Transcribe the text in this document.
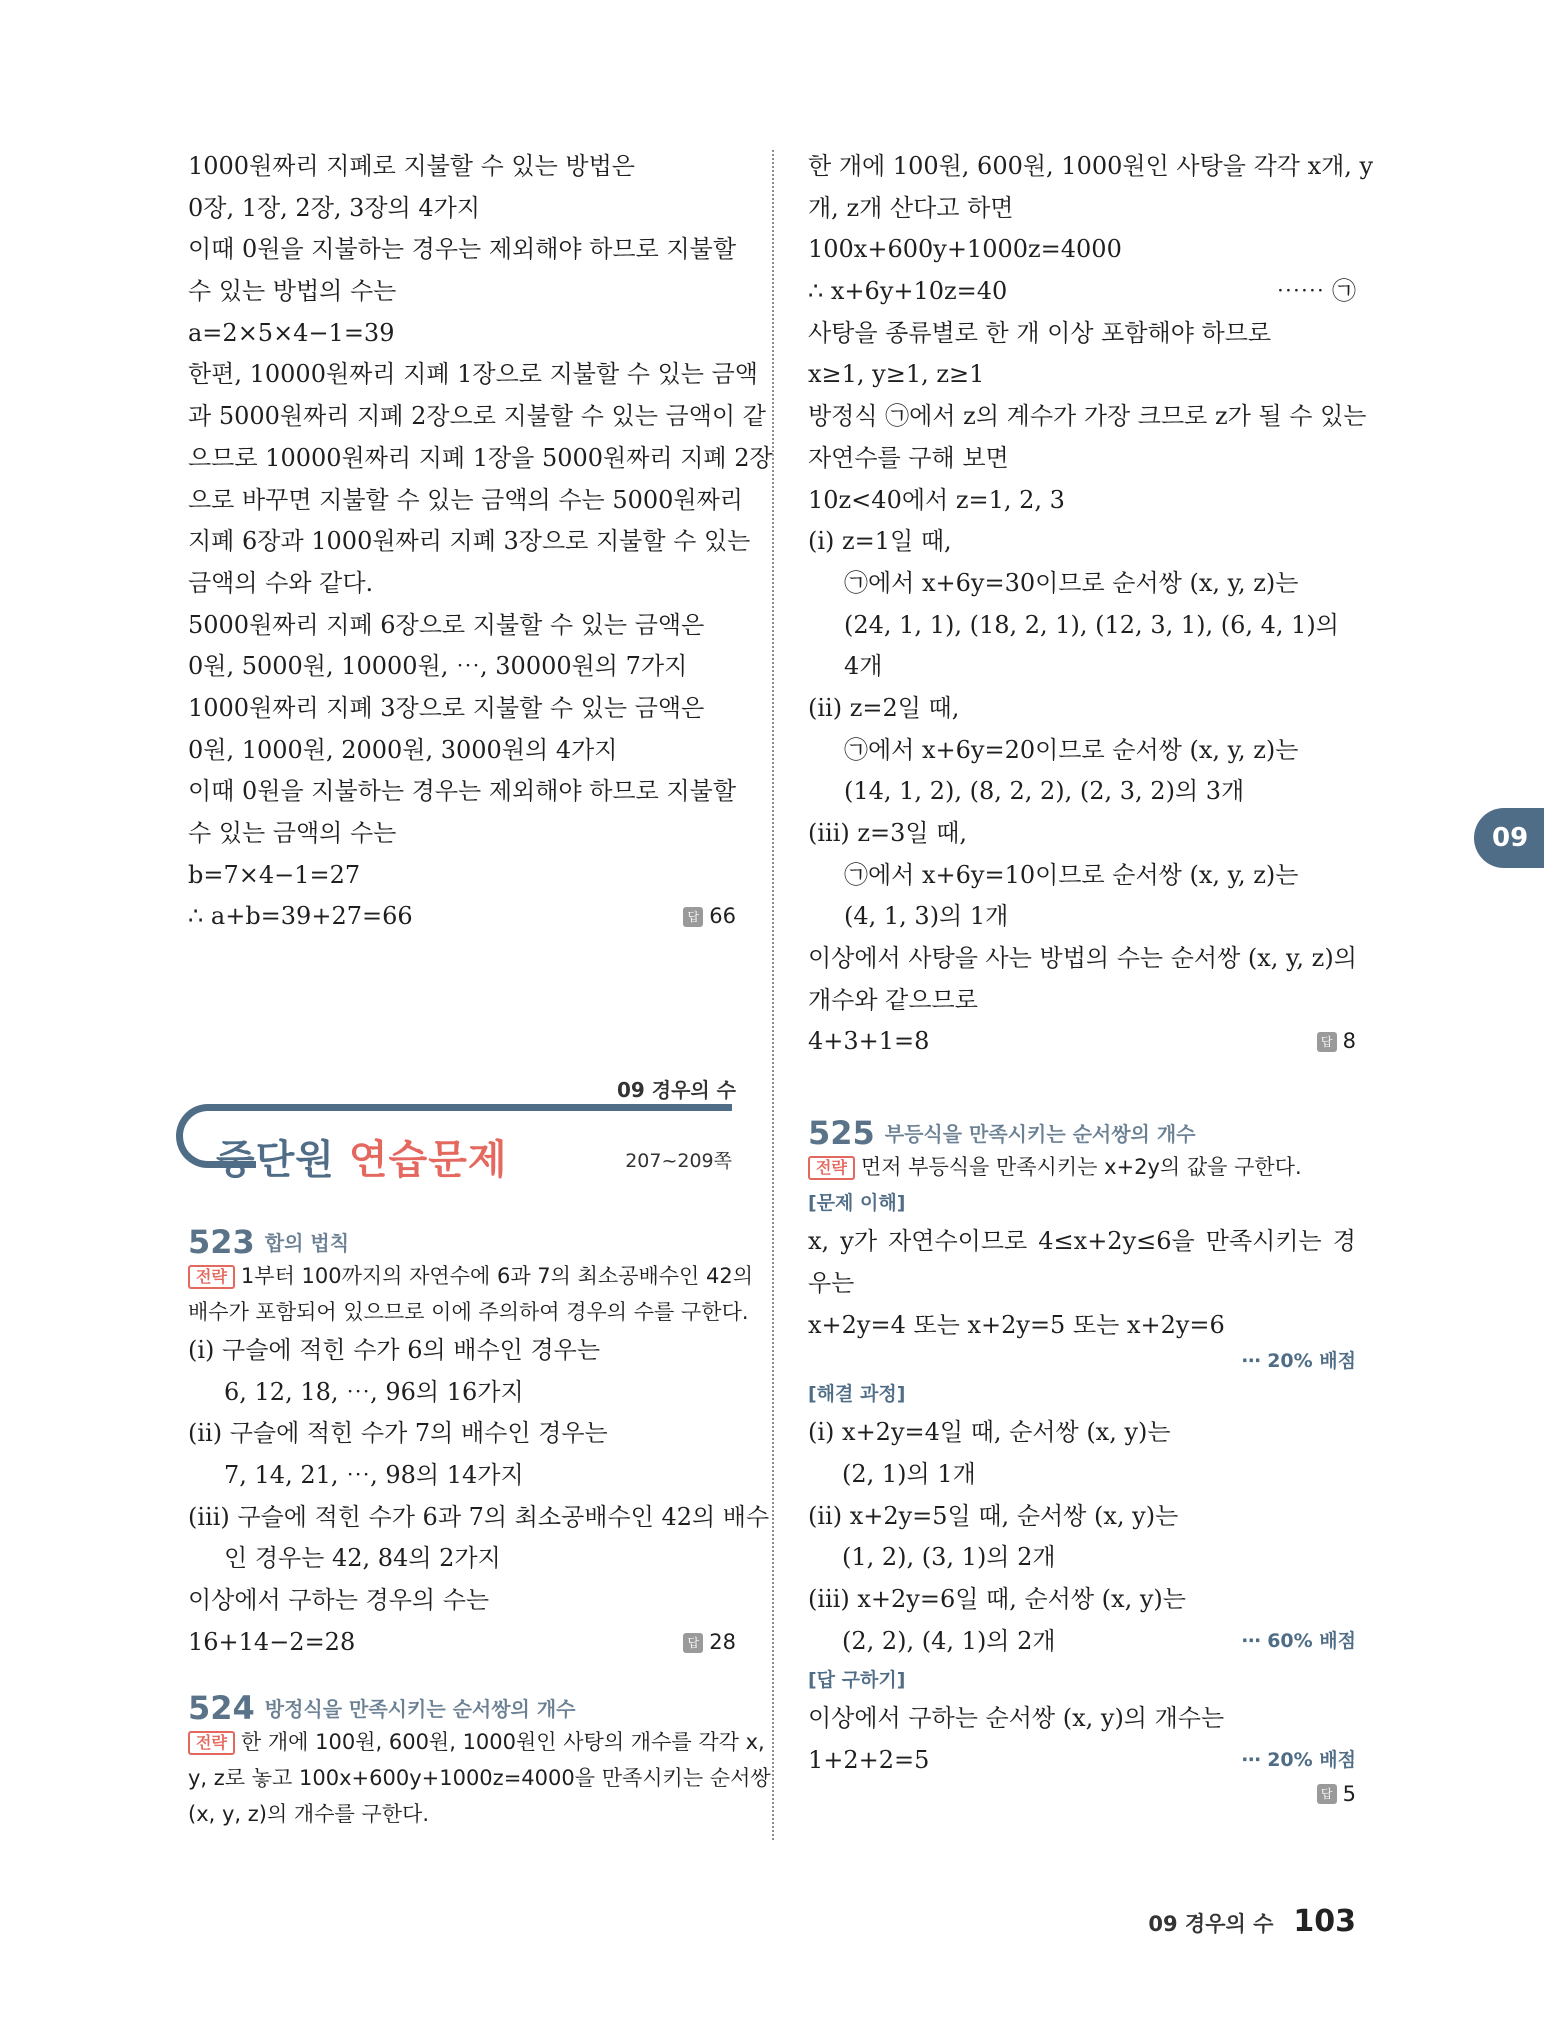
1000원짜리 지폐로 지불할 수 있는 방법은
0장, 1장, 2장, 3장의 4가지
이때 0원을 지불하는 경우는 제외해야 하므로 지불할
수 있는 방법의 수는
a=2×5×4−1=39
한편, 10000원짜리 지폐 1장으로 지불할 수 있는 금액
과 5000원짜리 지폐 2장으로 지불할 수 있는 금액이 같
으므로 10000원짜리 지폐 1장을 5000원짜리 지폐 2장
으로 바꾸면 지불할 수 있는 금액의 수는 5000원짜리
지폐 6장과 1000원짜리 지폐 3장으로 지불할 수 있는
금액의 수와 같다.
5000원짜리 지폐 6장으로 지불할 수 있는 금액은
0원, 5000원, 10000원, ⋯, 30000원의 7가지
1000원짜리 지폐 3장으로 지불할 수 있는 금액은
0원, 1000원, 2000원, 3000원의 4가지
이때 0원을 지불하는 경우는 제외해야 하므로 지불할
수 있는 금액의 수는
b=7×4−1=27
∴ a+b=39+27=66	답 66
09 경우의 수
중단원 연습문제	207~209쪽
523 합의 법칙
전략 1부터 100까지의 자연수에 6과 7의 최소공배수인 42의
배수가 포함되어 있으므로 이에 주의하여 경우의 수를 구한다.
(ⅰ) 구슬에 적힌 수가 6의 배수인 경우는
6, 12, 18, ⋯, 96의 16가지
(ⅱ) 구슬에 적힌 수가 7의 배수인 경우는
7, 14, 21, ⋯, 98의 14가지
(ⅲ) 구슬에 적힌 수가 6과 7의 최소공배수인 42의 배수
인 경우는 42, 84의 2가지
이상에서 구하는 경우의 수는
16+14−2=28	답 28
524 방정식을 만족시키는 순서쌍의 개수
전략 한 개에 100원, 600원, 1000원인 사탕의 개수를 각각 x,
y, z로 놓고 100x+600y+1000z=4000을 만족시키는 순서쌍
(x, y, z)의 개수를 구한다.
한 개에 100원, 600원, 1000원인 사탕을 각각 x개, y
개, z개 산다고 하면
100x+600y+1000z=4000
∴ x+6y+10z=40	⋯⋯ ㉠
사탕을 종류별로 한 개 이상 포함해야 하므로
x≥1, y≥1, z≥1
방정식 ㉠에서 z의 계수가 가장 크므로 z가 될 수 있는
자연수를 구해 보면
10z<40에서 z=1, 2, 3
(ⅰ) z=1일 때,
㉠에서 x+6y=30이므로 순서쌍 (x, y, z)는
(24, 1, 1), (18, 2, 1), (12, 3, 1), (6, 4, 1)의
4개
(ⅱ) z=2일 때,
㉠에서 x+6y=20이므로 순서쌍 (x, y, z)는
(14, 1, 2), (8, 2, 2), (2, 3, 2)의 3개
(ⅲ) z=3일 때,
㉠에서 x+6y=10이므로 순서쌍 (x, y, z)는
(4, 1, 3)의 1개
이상에서 사탕을 사는 방법의 수는 순서쌍 (x, y, z)의
개수와 같으므로
4+3+1=8	답 8
525 부등식을 만족시키는 순서쌍의 개수
전략 먼저 부등식을 만족시키는 x+2y의 값을 구한다.
[문제 이해]
x, y가 자연수이므로 4≤x+2y≤6을 만족시키는 경
우는
x+2y=4 또는 x+2y=5 또는 x+2y=6
⋯ 20% 배점
[해결 과정]
(ⅰ) x+2y=4일 때, 순서쌍 (x, y)는
(2, 1)의 1개
(ⅱ) x+2y=5일 때, 순서쌍 (x, y)는
(1, 2), (3, 1)의 2개
(ⅲ) x+2y=6일 때, 순서쌍 (x, y)는
(2, 2), (4, 1)의 2개	⋯ 60% 배점
[답 구하기]
이상에서 구하는 순서쌍 (x, y)의 개수는
1+2+2=5	⋯ 20% 배점
답 5
09
09 경우의 수 103
